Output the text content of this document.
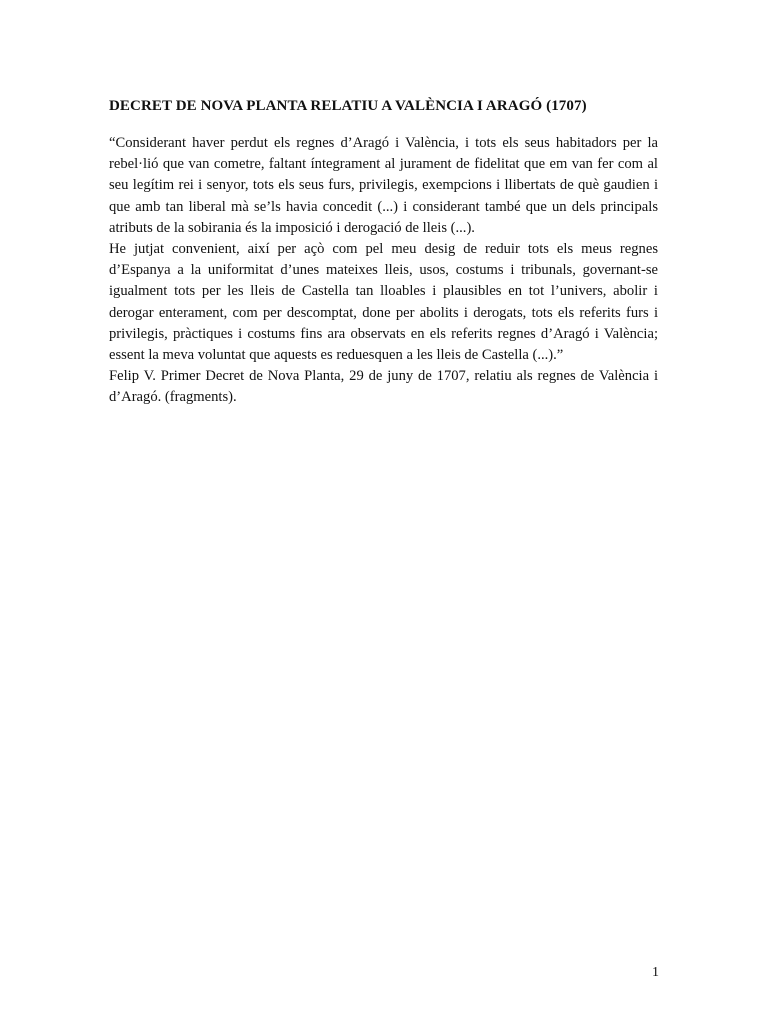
DECRET DE NOVA PLANTA RELATIU A VALÈNCIA I ARAGÓ (1707)

“Considerant haver perdut els regnes d’Aragó i València, i tots els seus habitadors per la rebel·lió que van cometre, faltant íntegrament al jurament de fidelitat que em van fer com al seu legítim rei i senyor, tots els seus furs, privilegis, exempcions i llibertats de què gaudien i que amb tan liberal mà se’ls havia concedit (...) i considerant també que un dels principals atributs de la sobirania és la imposició i derogació de lleis (...).

He jutjat convenient, així per açò com pel meu desig de reduir tots els meus regnes d’Espanya a la uniformitat d’unes mateixes lleis, usos, costums i tribunals, governant-se igualment tots per les lleis de Castella tan lloables i plausibles en tot l’univers, abolir i derogar enterament, com per descomptat, done per abolits i derogats, tots els referits furs i privilegis, pràctiques i costums fins ara observats en els referits regnes d’Aragó i València; essent la meva voluntat que aquests es reduesquen a les lleis de Castella (...).”

Felip V. Primer Decret de Nova Planta, 29 de juny de 1707, relatiu als regnes de València i d’Aragó. (fragments).

1
